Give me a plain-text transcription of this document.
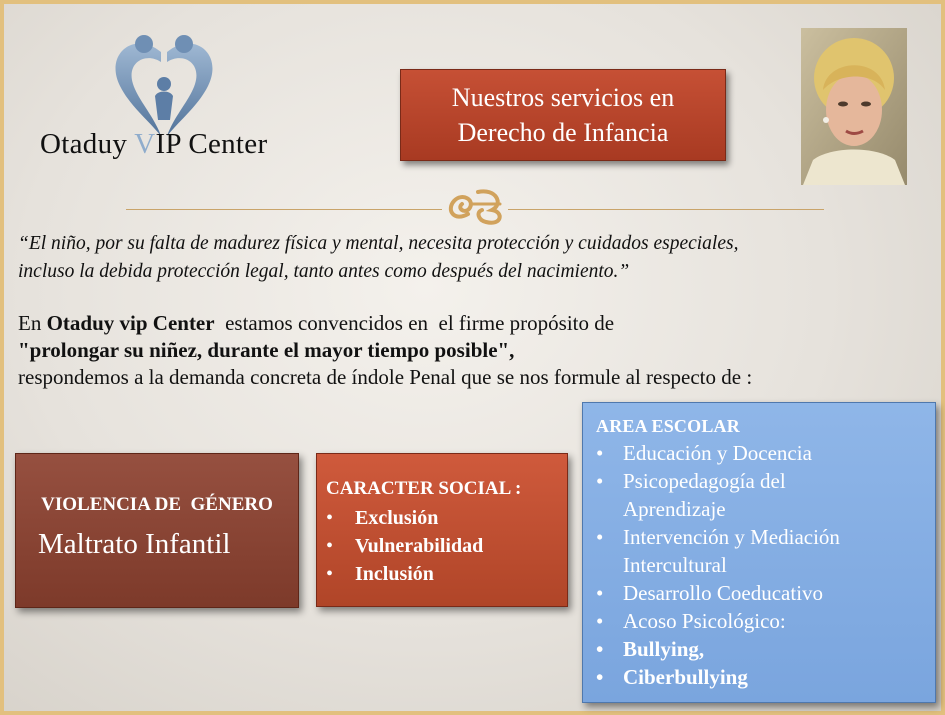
Otaduy VIP Center
Nuestros servicios en
Derecho de Infancia
“El niño, por su falta de madurez física y mental, necesita protección y cuidados especiales,
incluso la debida protección legal, tanto antes como después del nacimiento.”
En Otaduy vip Center  estamos convencidos en  el firme propósito de
"prolongar su niñez, durante el mayor tiempo posible",
respondemos a la demanda concreta de índole Penal que se nos formule al respecto de :
VIOLENCIA DE  GÉNERO
Maltrato Infantil
CARACTER SOCIAL :
• Exclusión
• Vulnerabilidad
• Inclusión
AREA ESCOLAR
• Educación y Docencia
• Psicopedagogía del
Aprendizaje
• Intervención y Mediación
Intercultural
• Desarrollo Coeducativo
• Acoso Psicológico:
• Bullying,
• Ciberbullying
